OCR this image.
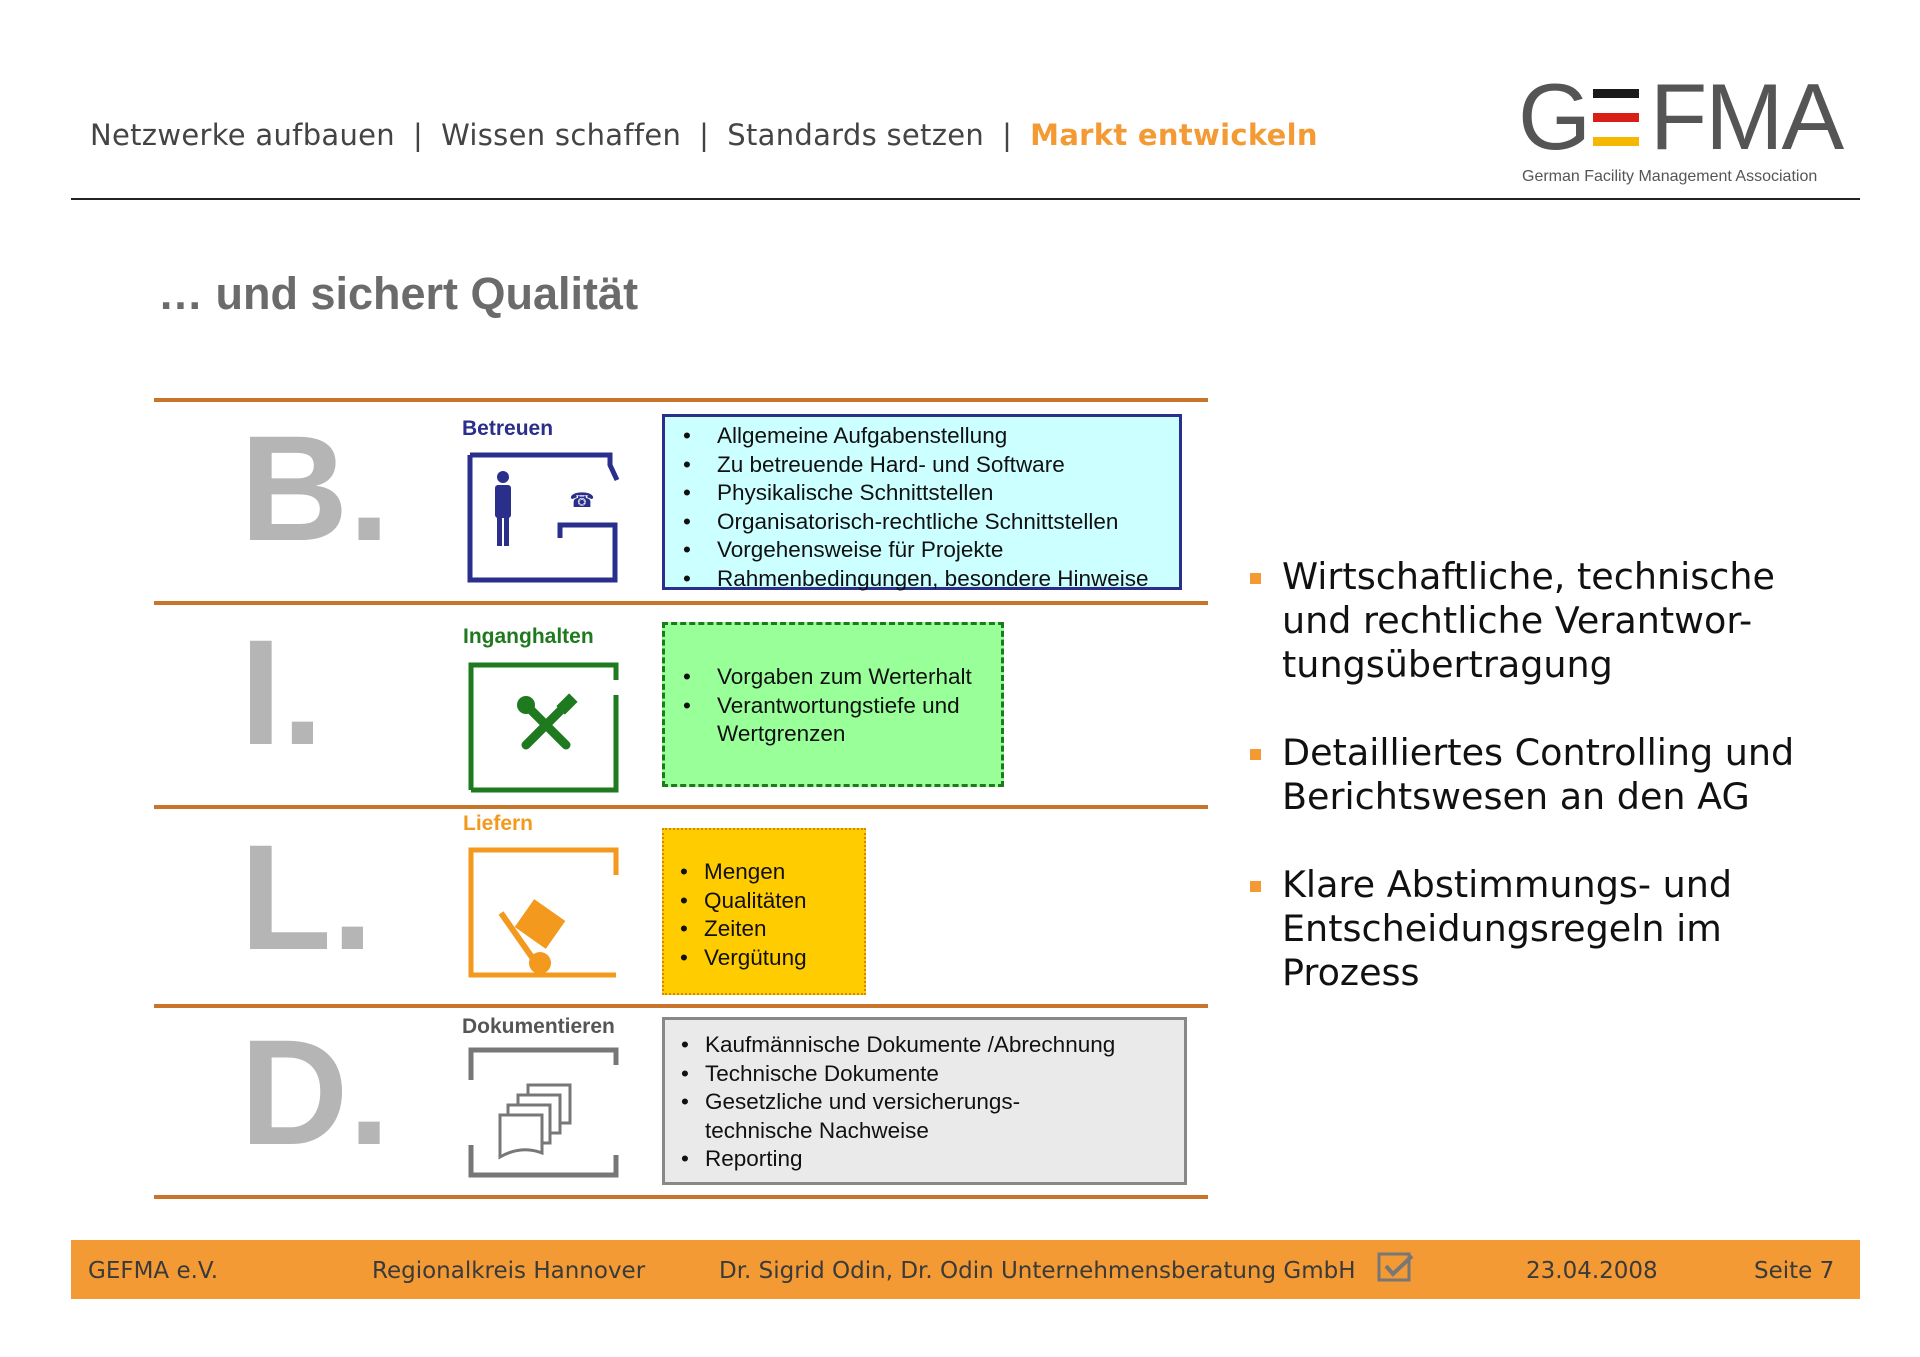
Netzwerke aufbauen | Wissen schaffen | Standards setzen | Markt entwickeln G FMA
German Facility Management Association
… und sichert Qualität
B.	Betreuen
☎
• Allgemeine Aufgabenstellung
• Zu betreuende Hard- und Software
• Physikalische Schnittstellen
• Organisatorisch-rechtliche Schnittstellen
• Vorgehensweise für Projekte
• Rahmenbedingungen, besondere Hinweise
I.	Inganghalten
• Vorgaben zum Werterhalt
• Verantwortungstiefe und Wertgrenzen
L.	Liefern
• Mengen
• Qualitäten
• Zeiten
• Vergütung
D.	Dokumentieren
• Kaufmännische Dokumente /Abrechnung
• Technische Dokumente
• Gesetzliche und versicherungs-technische Nachweise
• Reporting
Wirtschaftliche, technische und rechtliche Verantwor-tungsübertragung
Detailliertes Controlling und Berichtswesen an den AG
Klare Abstimmungs- und Entscheidungsregeln im Prozess
GEFMA e.V.	Regionalkreis Hannover	Dr. Sigrid Odin, Dr. Odin Unternehmensberatung GmbH	23.04.2008	Seite 7
